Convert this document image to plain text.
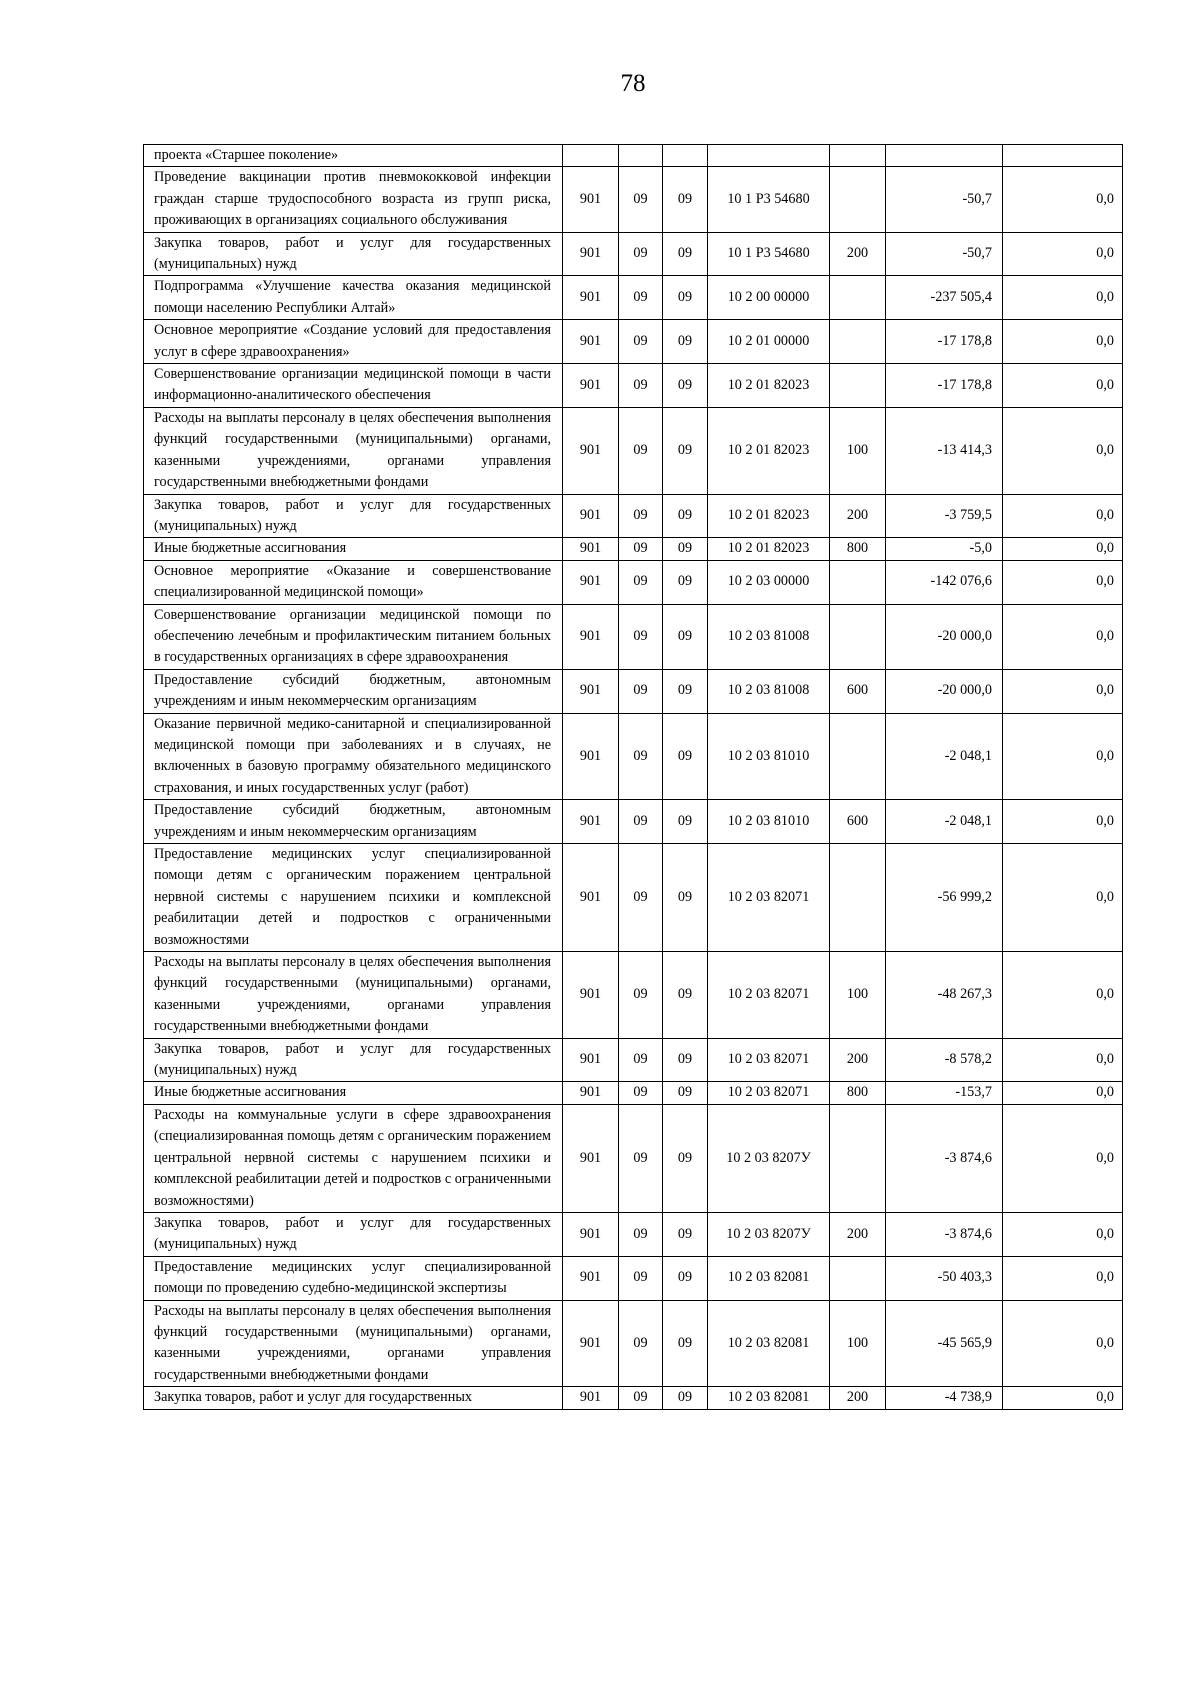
78
проекта «Старшее поколение»							
Проведение вакцинации против пневмококковой инфекции граждан старше трудоспособного возраста из групп риска, проживающих в организациях социального обслуживания	901	09	09	10 1 P3 54680		-50,7	0,0
Закупка товаров, работ и услуг для государственных (муниципальных) нужд	901	09	09	10 1 P3 54680	200	-50,7	0,0
Подпрограмма «Улучшение качества оказания медицинской помощи населению Республики Алтай»	901	09	09	10 2 00 00000		-237 505,4	0,0
Основное мероприятие «Создание условий для предоставления услуг в сфере здравоохранения»	901	09	09	10 2 01 00000		-17 178,8	0,0
Совершенствование организации медицинской помощи в части информационно-аналитического обеспечения	901	09	09	10 2 01 82023		-17 178,8	0,0
Расходы на выплаты персоналу в целях обеспечения выполнения функций государственными (муниципальными) органами, казенными учреждениями, органами управления государственными внебюджетными фондами	901	09	09	10 2 01 82023	100	-13 414,3	0,0
Закупка товаров, работ и услуг для государственных (муниципальных) нужд	901	09	09	10 2 01 82023	200	-3 759,5	0,0
Иные бюджетные ассигнования	901	09	09	10 2 01 82023	800	-5,0	0,0
Основное мероприятие «Оказание и совершенствование специализированной медицинской помощи»	901	09	09	10 2 03 00000		-142 076,6	0,0
Совершенствование организации медицинской помощи по обеспечению лечебным и профилактическим питанием больных в государственных организациях в сфере здравоохранения	901	09	09	10 2 03 81008		-20 000,0	0,0
Предоставление субсидий бюджетным, автономным учреждениям и иным некоммерческим организациям	901	09	09	10 2 03 81008	600	-20 000,0	0,0
Оказание первичной медико-санитарной и специализированной медицинской помощи при заболеваниях и в случаях, не включенных в базовую программу обязательного медицинского страхования, и иных государственных услуг (работ)	901	09	09	10 2 03 81010		-2 048,1	0,0
Предоставление субсидий бюджетным, автономным учреждениям и иным некоммерческим организациям	901	09	09	10 2 03 81010	600	-2 048,1	0,0
Предоставление медицинских услуг специализированной помощи детям с органическим поражением центральной нервной системы с нарушением психики и комплексной реабилитации детей и подростков с ограниченными возможностями	901	09	09	10 2 03 82071		-56 999,2	0,0
Расходы на выплаты персоналу в целях обеспечения выполнения функций государственными (муниципальными) органами, казенными учреждениями, органами управления государственными внебюджетными фондами	901	09	09	10 2 03 82071	100	-48 267,3	0,0
Закупка товаров, работ и услуг для государственных (муниципальных) нужд	901	09	09	10 2 03 82071	200	-8 578,2	0,0
Иные бюджетные ассигнования	901	09	09	10 2 03 82071	800	-153,7	0,0
Расходы на коммунальные услуги в сфере здравоохранения (специализированная помощь детям с органическим поражением центральной нервной системы с нарушением психики и комплексной реабилитации детей и подростков с ограниченными возможностями)	901	09	09	10 2 03 8207У		-3 874,6	0,0
Закупка товаров, работ и услуг для государственных (муниципальных) нужд	901	09	09	10 2 03 8207У	200	-3 874,6	0,0
Предоставление медицинских услуг специализированной помощи по проведению судебно-медицинской экспертизы	901	09	09	10 2 03 82081		-50 403,3	0,0
Расходы на выплаты персоналу в целях обеспечения выполнения функций государственными (муниципальными) органами, казенными учреждениями, органами управления государственными внебюджетными фондами	901	09	09	10 2 03 82081	100	-45 565,9	0,0
Закупка товаров, работ и услуг для государственных	901	09	09	10 2 03 82081	200	-4 738,9	0,0
